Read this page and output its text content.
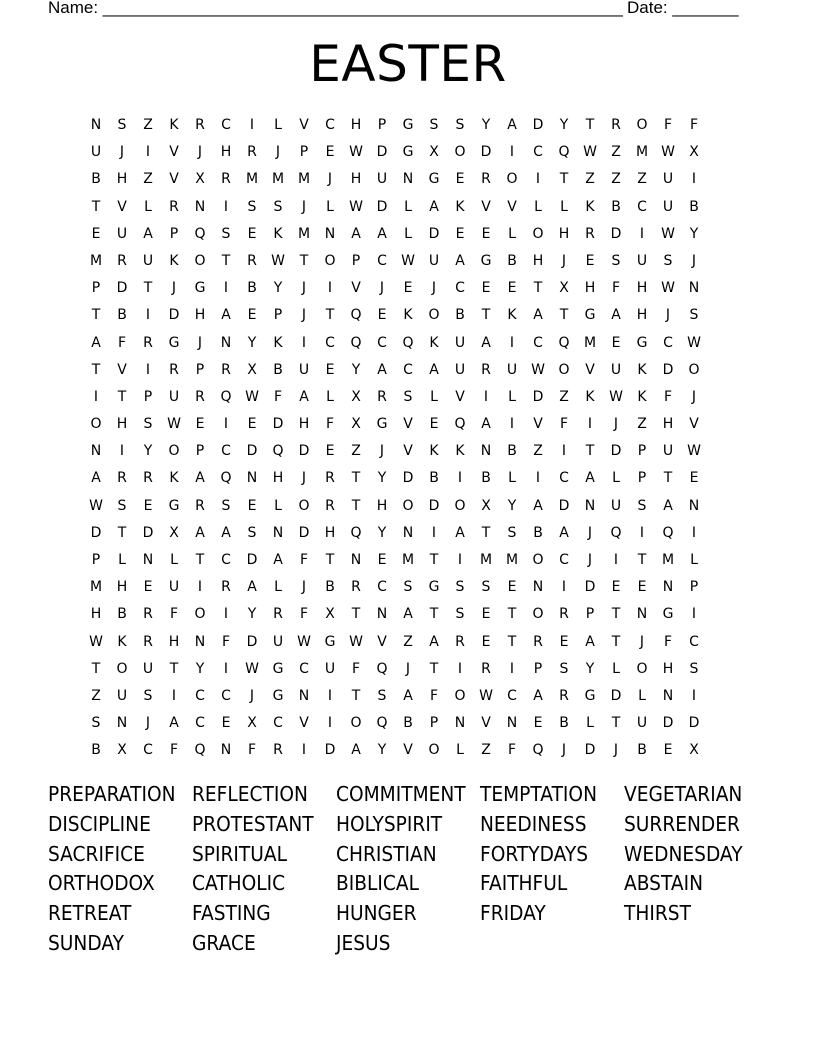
Name: _______________________________________________________ Date: _______
EASTER
N	S	Z	K	R	C	I	L	V	C	H	P	G	S	S	Y	A	D	Y	T	R	O	F	F
U	J	I	V	J	H	R	J	P	E	W D	G	X	O	D	I	C	Q W	Z	M W	X
B	H	Z	V	X	R	M M M	J	H	U	N	G	E	R	O	I	T	Z	Z	Z	U	I
T	V	L	R	N	I	S	S	J	L	W D	L	A	K	V	V	L	L	K	B	C	U	B
E	U	A	P	Q	S	E	K	M	N	A	A	L	D	E	E	L	O	H	R	D	I	W	Y
M	R	U	K	O	T	R	W	T	O	P	C	W U	A	G	B	H	J	E	S	U	S	J
P	D	T	J	G	I	B	Y	J	I	V	J	E	J	C	E	E	T	X	H	F	H W N
T	B	I	D	H	A	E	P	J	T	Q	E	K	O	B	T	K	A	T	G	A	H	J	S
A	F	R	G	J	N	Y	K	I	C	Q	C	Q	K	U	A	I	C	Q	M	E	G	C	W
T	V	I	R	P	R	X	B	U	E	Y	A	C	A	U	R	U W O	V	U	K	D	O
I	T	P	U	R	Q W	F	A	L	X	R	S	L	V	I	L	D	Z	K	W	K	F	J
O	H	S	W	E	I	E	D	H	F	X	G	V	E	Q	A	I	V	F	I	J	Z	H	V
N	I	Y	O	P	C	D	Q	D	E	Z	J	V	K	K	N	B	Z	I	T	D	P	U W
A	R	R	K	A	Q	N	H	J	R	T	Y	D	B	I	B	L	I	C	A	L	P	T	E
W	S	E	G	R	S	E	L	O	R	T	H	O	D	O	X	Y	A	D	N	U	S	A	N
D	T	D	X	A	A	S	N	D	H	Q	Y	N	I	A	T	S	B	A	J	Q	I	Q	I
P	L	N	L	T	C	D	A	F	T	N	E	M	T	I	M M	O	C	J	I	T	M	L
M	H	E	U	I	R	A	L	J	B	R	C	S	G	S	S	E	N	I	D	E	E	N	P
H	B	R	F	O	I	Y	R	F	X	T	N	A	T	S	E	T	O	R	P	T	N	G	I
W	K	R	H	N	F	D	U W G W	V	Z	A	R	E	T	R	E	A	T	J	F	C
T	O	U	T	Y	I	W G	C	U	F	Q	J	T	I	R	I	P	S	Y	L	O	H	S
Z	U	S	I	C	C	J	G	N	I	T	S	A	F	O W	C	A	R	G	D	L	N	I
S	N	J	A	C	E	X	C	V	I	O	Q	B	P	N	V	N	E	B	L	T	U	D	D
B	X	C	F	Q	N	F	R	I	D	A	Y	V	O	L	Z	F	Q	J	D	J	B	E	X
PREPARATION REFLECTION	COMMITMENT TEMPTATION	VEGETARIAN
DISCIPLINE	PROTESTANT	HOLYSPIRIT	NEEDINESS	SURRENDER
SACRIFICE	SPIRITUAL	CHRISTIAN	FORTYDAYS	WEDNESDAY
ORTHODOX	CATHOLIC	BIBLICAL	FAITHFUL	ABSTAIN
RETREAT	FASTING	HUNGER	FRIDAY	THIRST
SUNDAY	GRACE	JESUS
